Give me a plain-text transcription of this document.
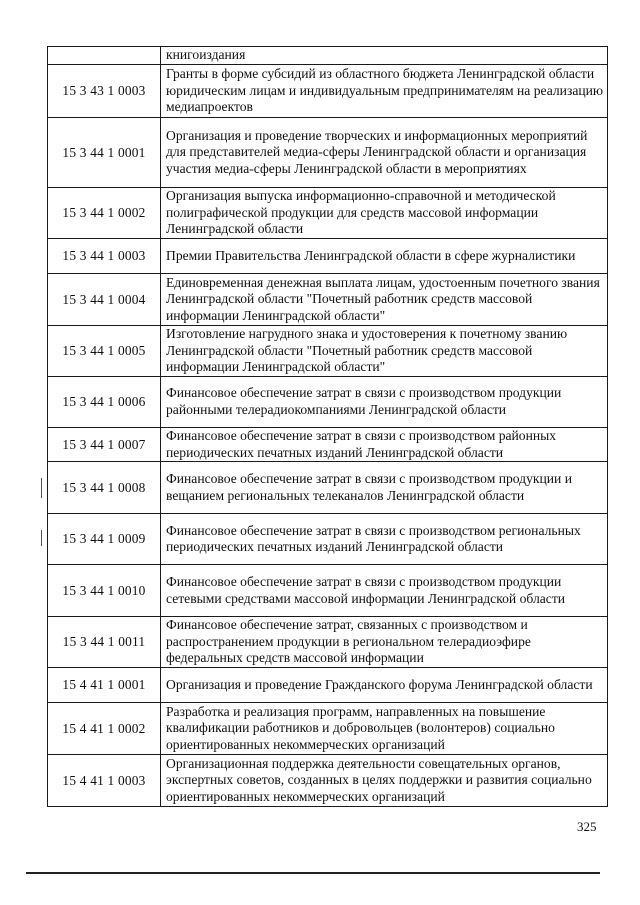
	книгоиздания
15 3 43 1 0003	Гранты в форме субсидий из областного бюджета Ленинградской области юридическим лицам и индивидуальным предпринимателям на реализацию медиапроектов
15 3 44 1 0001	Организация и проведение творческих и информационных мероприятий для представителей медиа-сферы Ленинградской области и организация участия медиа-сферы Ленинградской области в мероприятиях
15 3 44 1 0002	Организация выпуска информационно-справочной и методической полиграфической продукции для средств массовой информации Ленинградской области
15 3 44 1 0003	Премии Правительства Ленинградской области в сфере журналистики
15 3 44 1 0004	Единовременная денежная выплата лицам, удостоенным почетного звания Ленинградской области "Почетный работник средств массовой информации Ленинградской области"
15 3 44 1 0005	Изготовление нагрудного знака и удостоверения к почетному званию Ленинградской области "Почетный работник средств массовой информации Ленинградской области"
15 3 44 1 0006	Финансовое обеспечение затрат в связи с производством продукции районными телерадиокомпаниями Ленинградской области
15 3 44 1 0007	Финансовое обеспечение затрат в связи с производством районных периодических печатных изданий Ленинградской области
15 3 44 1 0008	Финансовое обеспечение затрат в связи с производством продукции и вещанием региональных телеканалов Ленинградской области
15 3 44 1 0009	Финансовое обеспечение затрат в связи с производством региональных периодических печатных изданий Ленинградской области
15 3 44 1 0010	Финансовое обеспечение затрат в связи с производством продукции сетевыми средствами массовой информации Ленинградской области
15 3 44 1 0011	Финансовое обеспечение затрат, связанных с производством и распространением продукции в региональном телерадиоэфире федеральных средств массовой информации
15 4 41 1 0001	Организация и проведение Гражданского форума Ленинградской области
15 4 41 1 0002	Разработка и реализация программ, направленных на повышение квалификации работников и добровольцев (волонтеров) социально ориентированных некоммерческих организаций
15 4 41 1 0003	Организационная поддержка деятельности совещательных органов, экспертных советов, созданных в целях поддержки и развития социально ориентированных некоммерческих организаций
325
